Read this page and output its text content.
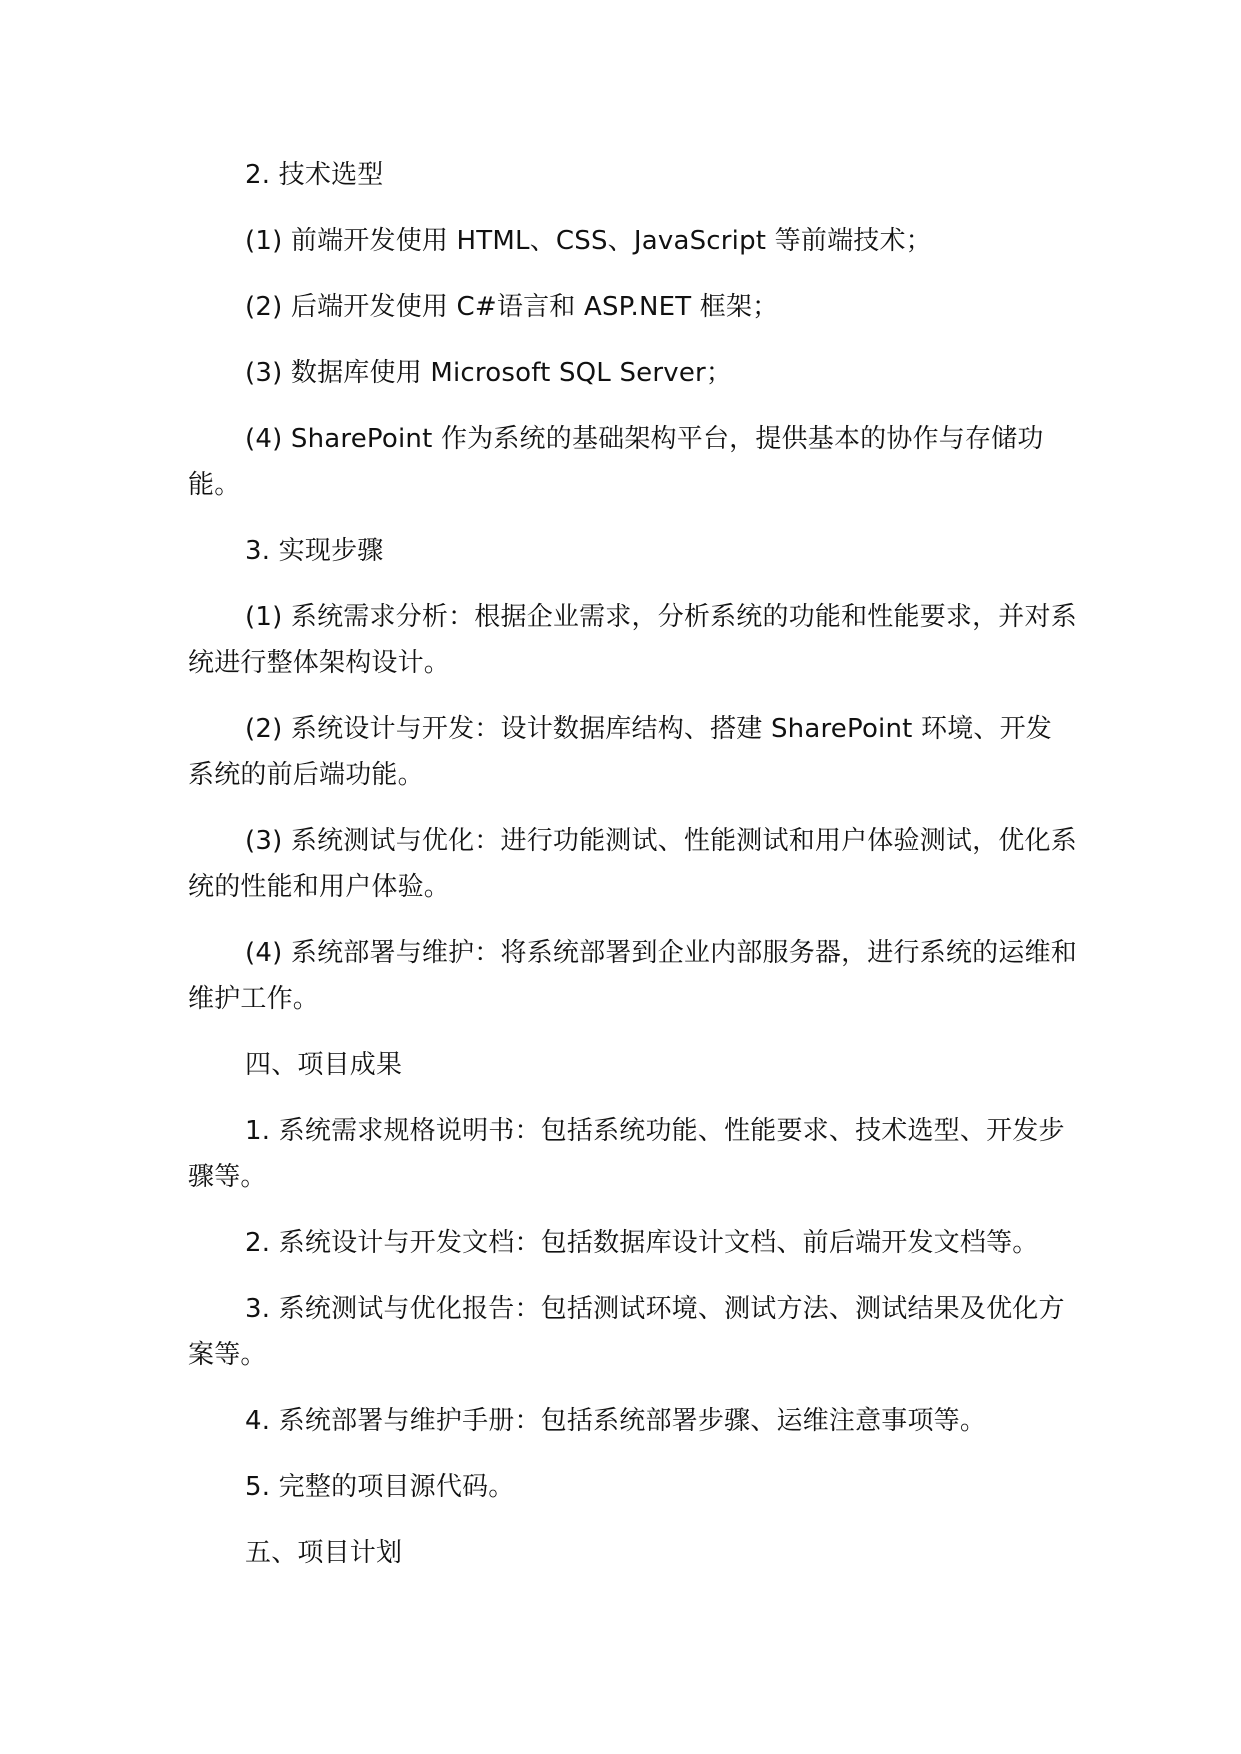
2. 技术选型

(1) 前端开发使用 HTML、CSS、JavaScript 等前端技术；

(2) 后端开发使用 C#语言和 ASP.NET 框架；

(3) 数据库使用 Microsoft SQL Server；

(4) SharePoint 作为系统的基础架构平台，提供基本的协作与存储功能。

3. 实现步骤

(1) 系统需求分析：根据企业需求，分析系统的功能和性能要求，并对系统进行整体架构设计。

(2) 系统设计与开发：设计数据库结构、搭建 SharePoint 环境、开发系统的前后端功能。

(3) 系统测试与优化：进行功能测试、性能测试和用户体验测试，优化系统的性能和用户体验。

(4) 系统部署与维护：将系统部署到企业内部服务器，进行系统的运维和维护工作。

四、项目成果

1. 系统需求规格说明书：包括系统功能、性能要求、技术选型、开发步骤等。

2. 系统设计与开发文档：包括数据库设计文档、前后端开发文档等。

3. 系统测试与优化报告：包括测试环境、测试方法、测试结果及优化方案等。

4. 系统部署与维护手册：包括系统部署步骤、运维注意事项等。

5. 完整的项目源代码。

五、项目计划
